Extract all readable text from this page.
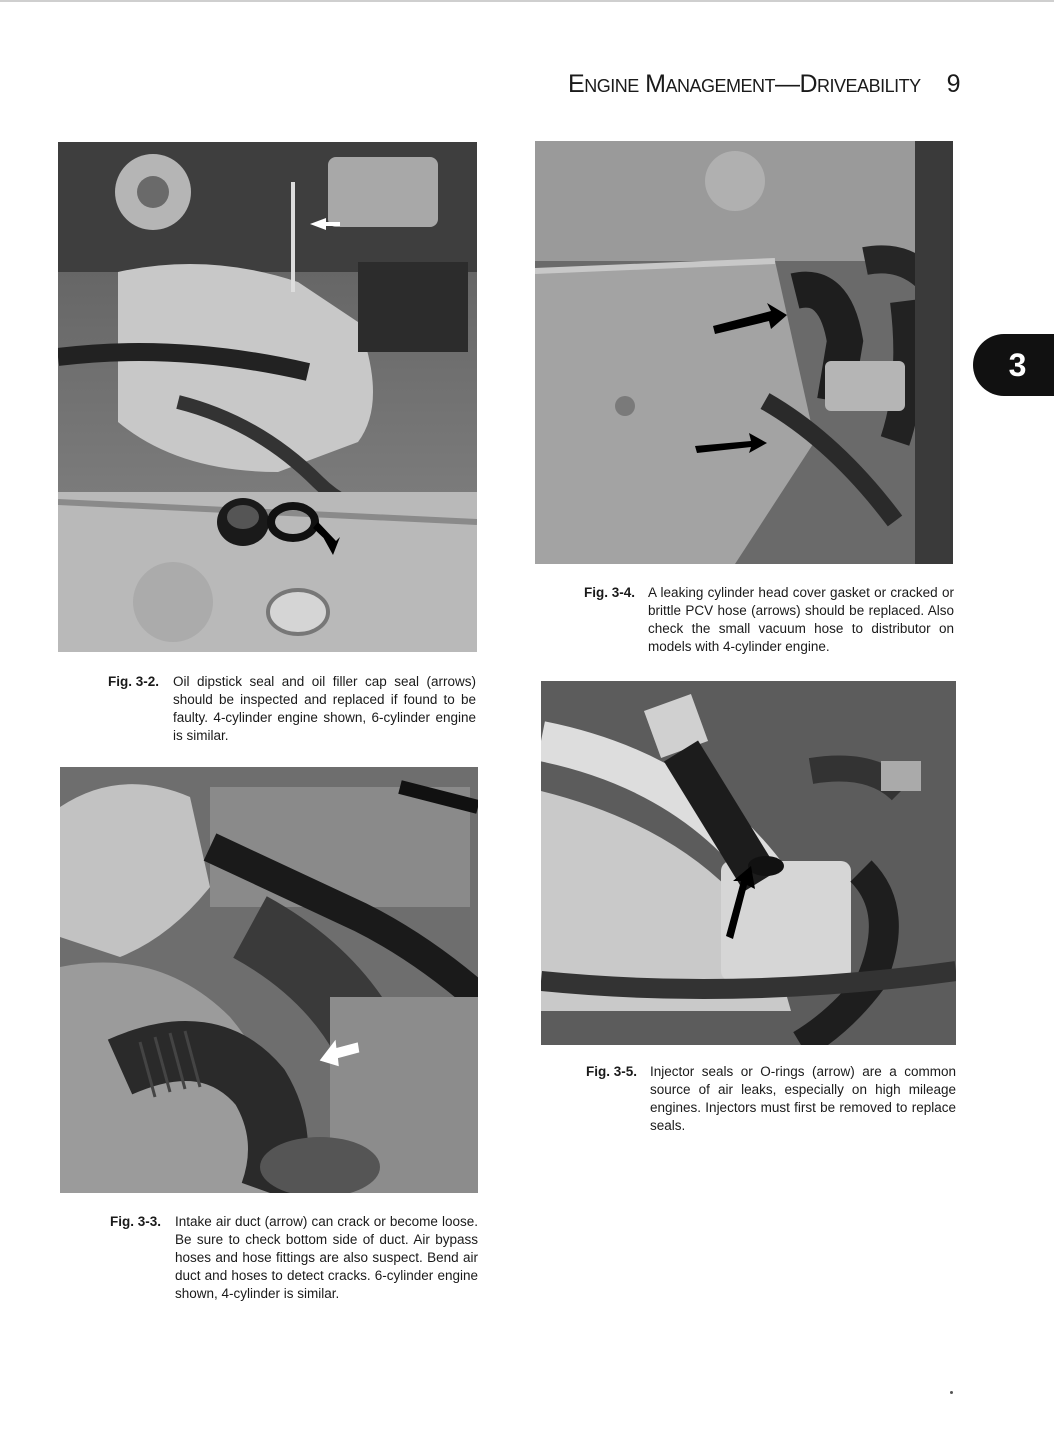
Engine Management—Driveability 9
3
Fig. 3-2. Oil dipstick seal and oil filler cap seal (arrows) should be inspected and replaced if found to be faulty. 4-cylinder engine shown, 6-cylinder engine is similar.
Fig. 3-3. Intake air duct (arrow) can crack or become loose. Be sure to check bottom side of duct. Air bypass hoses and hose fittings are also suspect. Bend air duct and hoses to detect cracks. 6-cylinder engine shown, 4-cylinder is similar.
Fig. 3-4. A leaking cylinder head cover gasket or cracked or brittle PCV hose (arrows) should be replaced. Also check the small vacuum hose to distributor on models with 4-cylinder engine.
Fig. 3-5. Injector seals or O-rings (arrow) are a common source of air leaks, especially on high mileage engines. Injectors must first be removed to replace seals.
